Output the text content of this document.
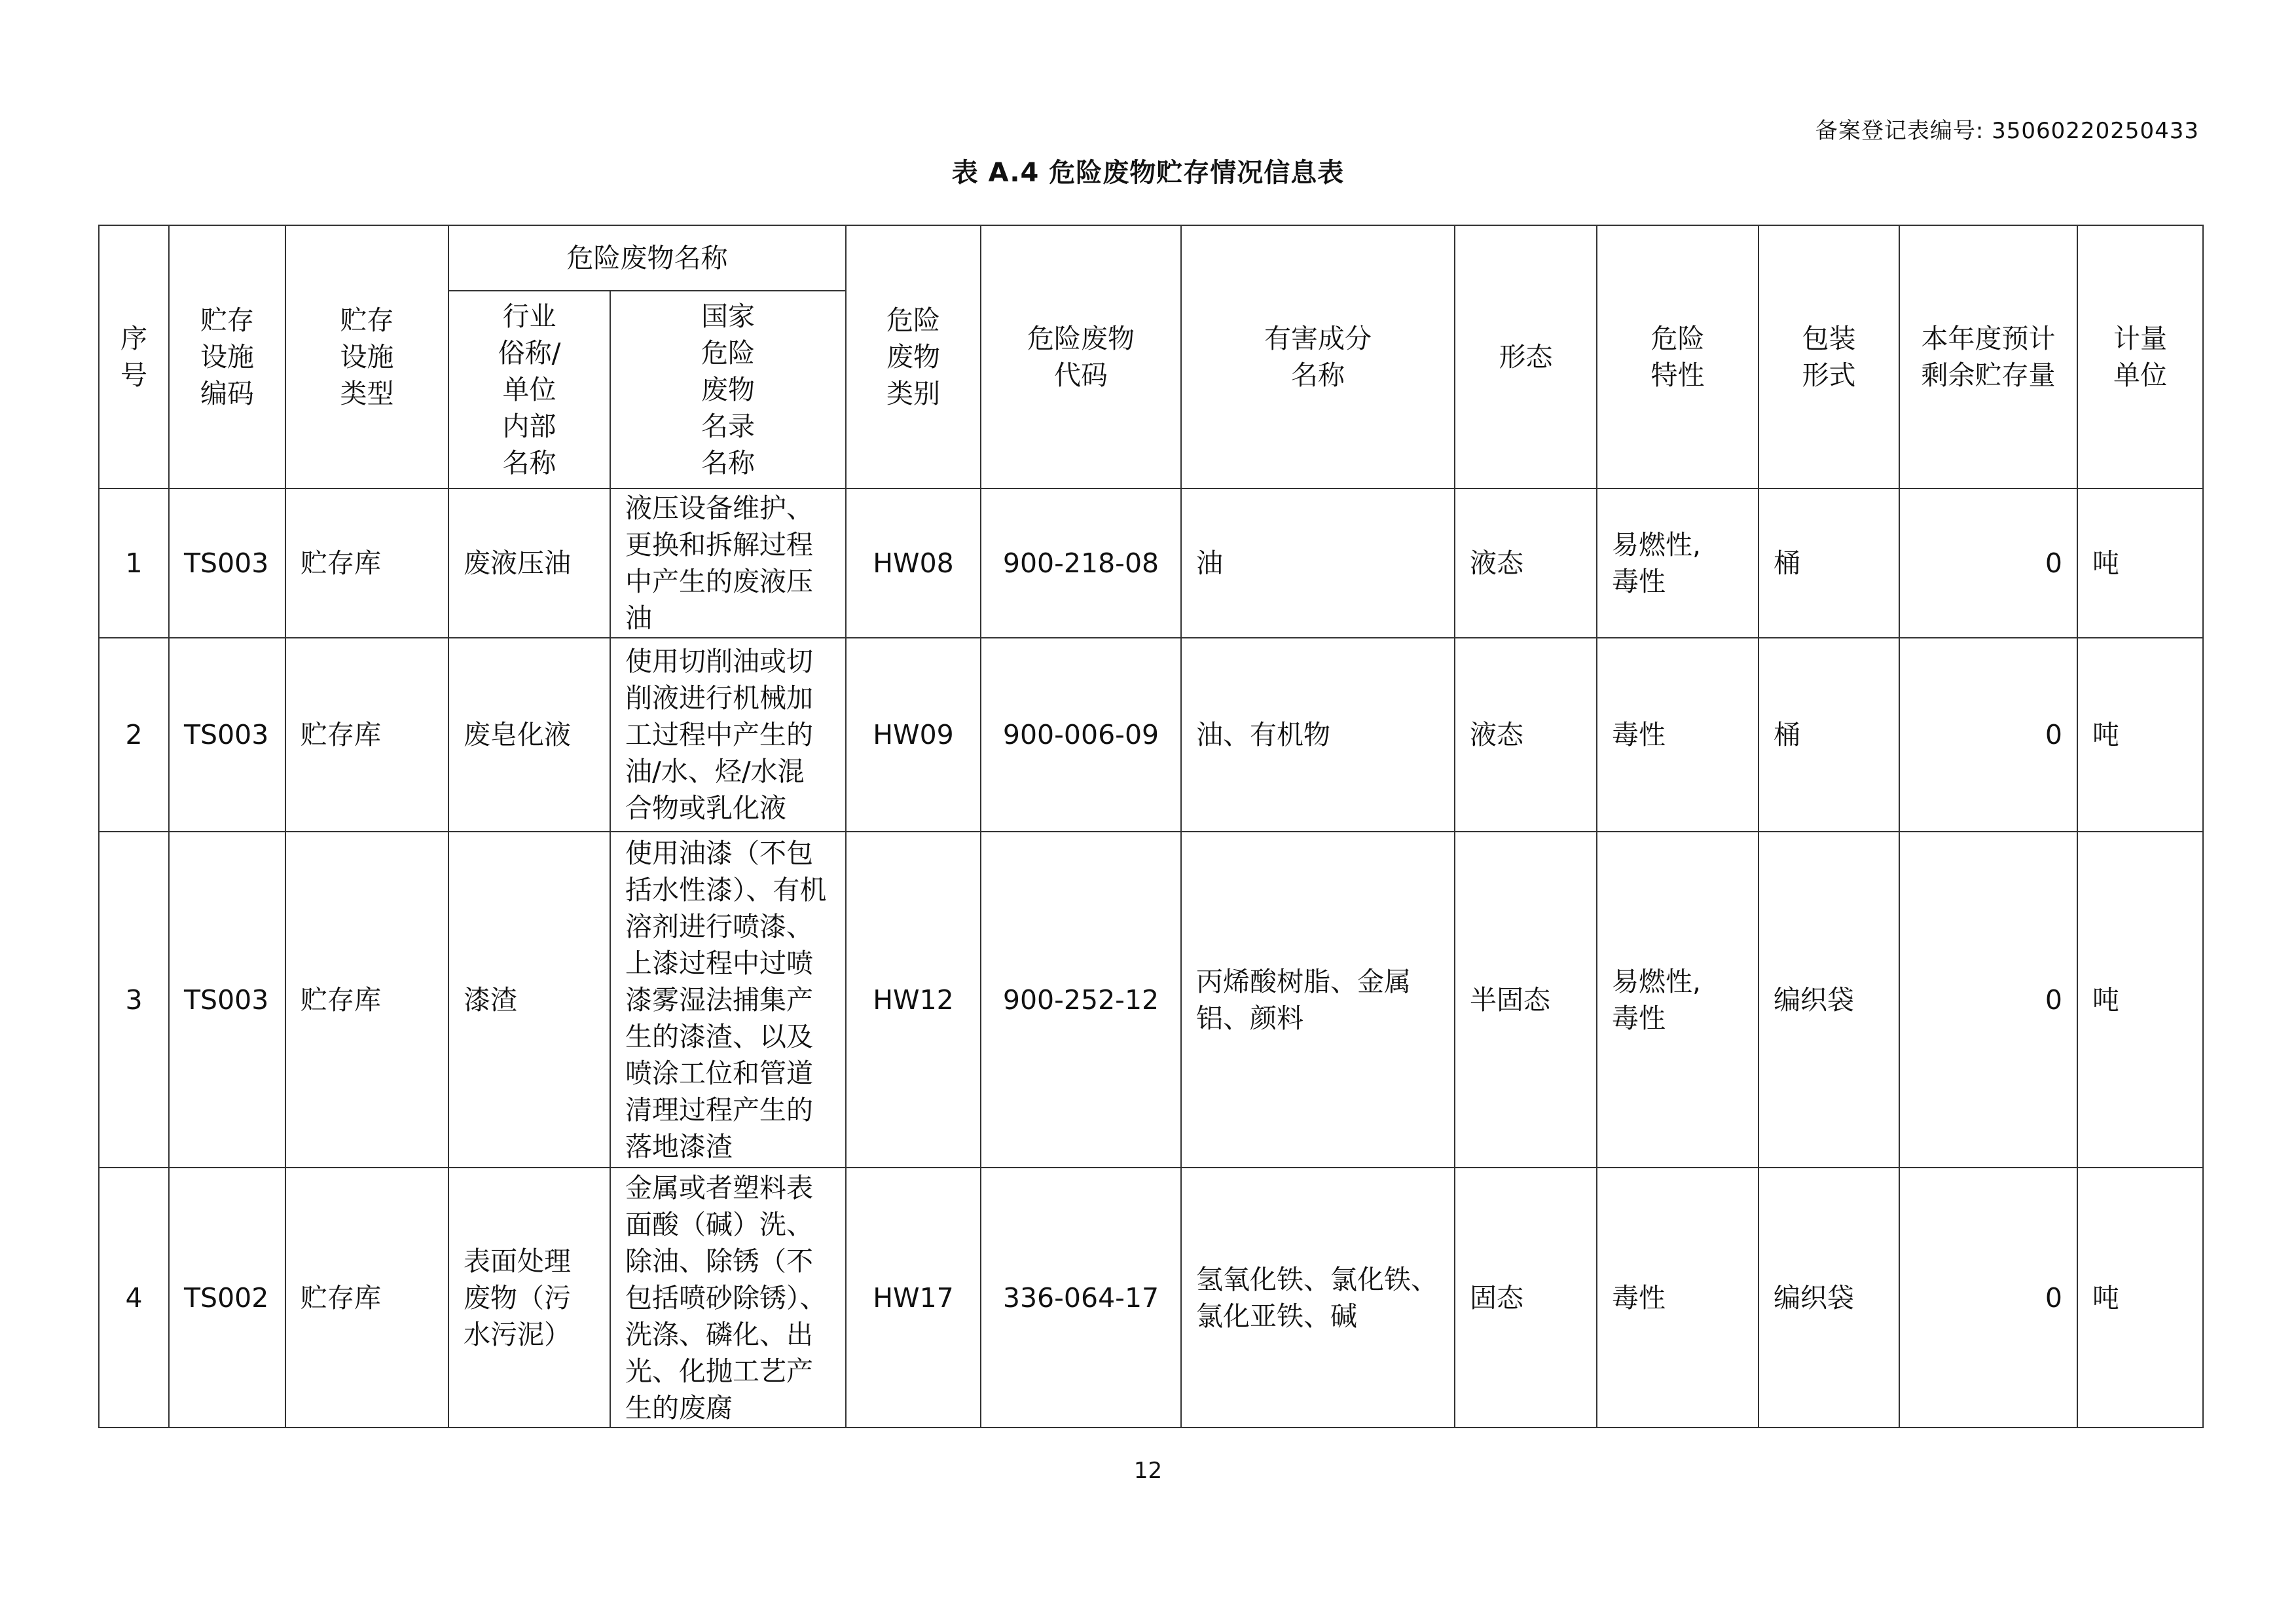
备案登记表编号: 35060220250433
表 A.4 危险废物贮存情况信息表
序
号	贮存
设施
编码	贮存
设施
类型	危险废物名称		危险
废物
类别	危险废物
代码	有害成分
名称	形态	危险
特性	包装
形式	本年度预计
剩余贮存量	计量
单位
			行业
俗称/
单位
内部
名称	国家
危险
废物
名录
名称								
1	TS003	贮存库	废液压油	液压设备维护、更换和拆解过程中产生的废液压油	HW08	900-218-08	油	液态	易燃性,
毒性	桶	0	吨
2	TS003	贮存库	废皂化液	使用切削油或切削液进行机械加工过程中产生的油/水、烃/水混合物或乳化液	HW09	900-006-09	油、有机物	液态	毒性	桶	0	吨
3	TS003	贮存库	漆渣	使用油漆（不包括水性漆）、有机溶剂进行喷漆、上漆过程中过喷漆雾湿法捕集产生的漆渣、以及喷涂工位和管道清理过程产生的落地漆渣	HW12	900-252-12	丙烯酸树脂、金属铝、颜料	半固态	易燃性,
毒性	编织袋	0	吨
4	TS002	贮存库	表面处理废物（污水污泥）	金属或者塑料表面酸（碱）洗、除油、除锈（不包括喷砂除锈）、洗涤、磷化、出光、化抛工艺产生的废腐	HW17	336-064-17	氢氧化铁、氯化铁、氯化亚铁、碱	固态	毒性	编织袋	0	吨
12
